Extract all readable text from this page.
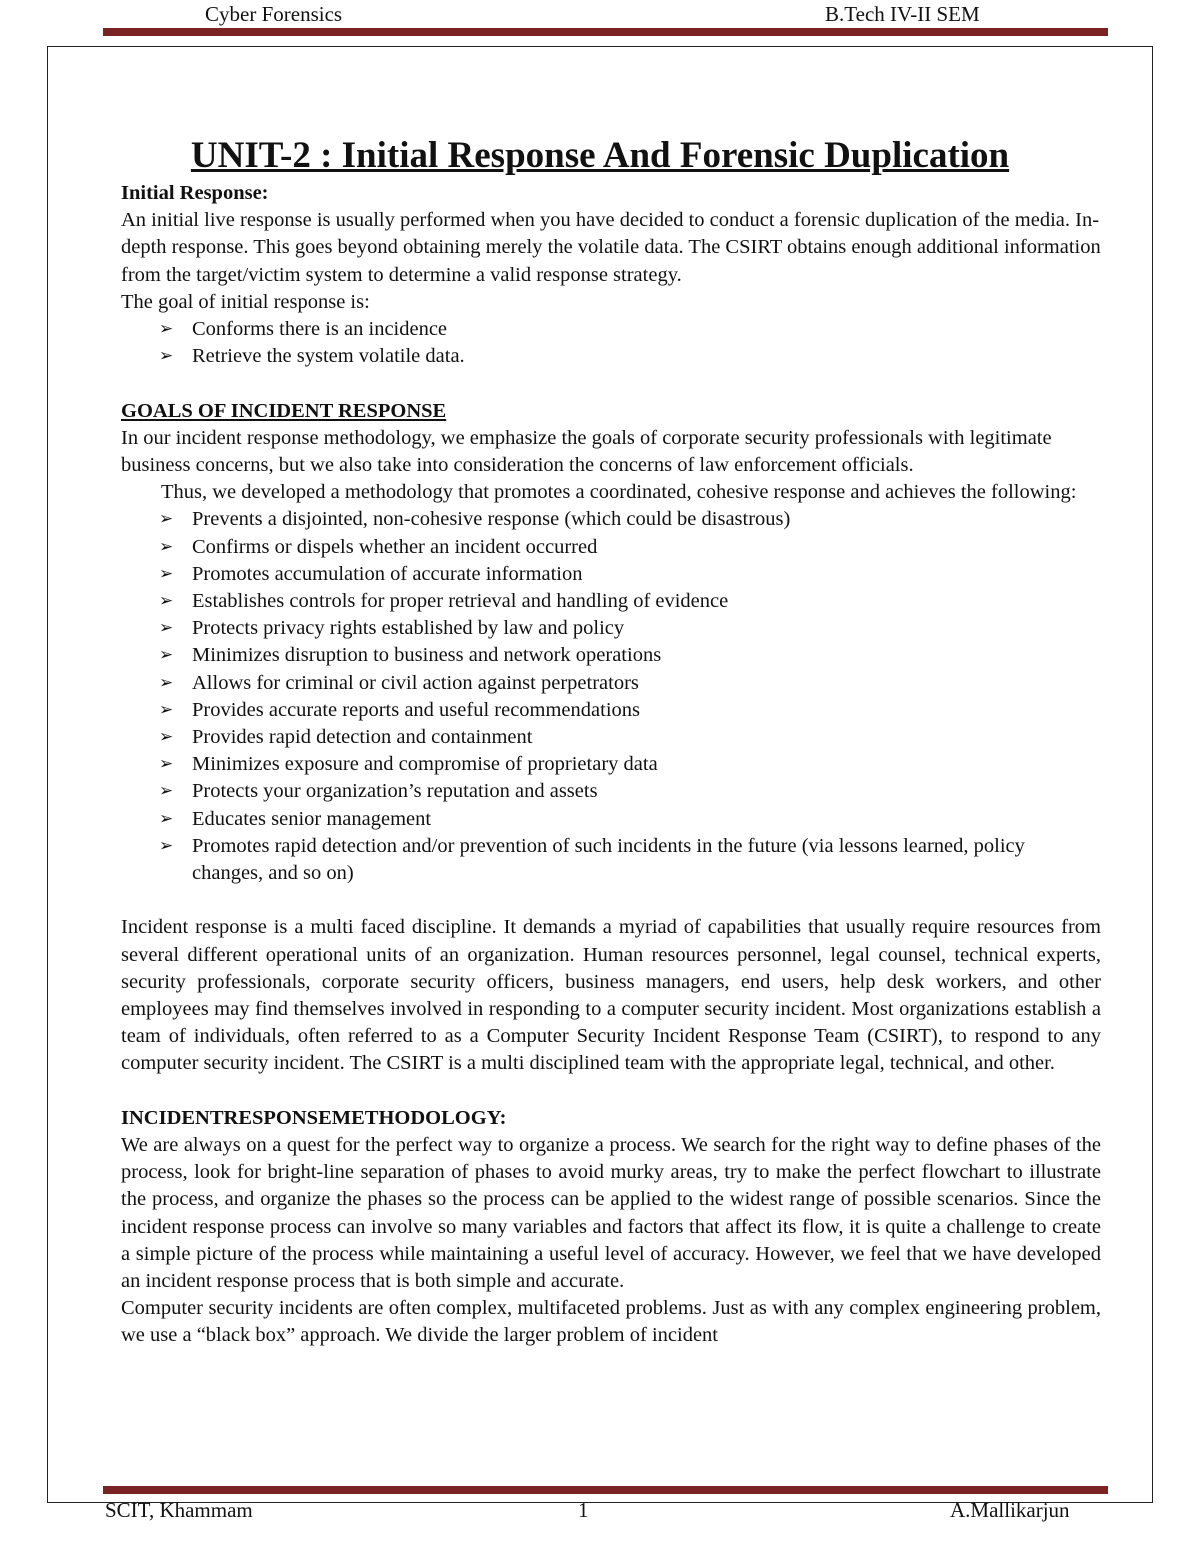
Cyber Forensics	B.Tech IV-II SEM
UNIT-2 : Initial Response And Forensic Duplication

Initial Response:

An initial live response is usually performed when you have decided to conduct a forensic duplication of the media. In-depth response. This goes beyond obtaining merely the volatile data. The CSIRT obtains enough additional information from the target/victim system to determine a valid response strategy.

The goal of initial response is:

➢ Conforms there is an incidence
➢ Retrieve the system volatile data.

GOALS OF INCIDENT RESPONSE

In our incident response methodology, we emphasize the goals of corporate security professionals with legitimate business concerns, but we also take into consideration the concerns of law enforcement officials.

Thus, we developed a methodology that promotes a coordinated, cohesive response and achieves the following:

➢ Prevents a disjointed, non-cohesive response (which could be disastrous)
➢ Confirms or dispels whether an incident occurred
➢ Promotes accumulation of accurate information
➢ Establishes controls for proper retrieval and handling of evidence
➢ Protects privacy rights established by law and policy
➢ Minimizes disruption to business and network operations
➢ Allows for criminal or civil action against perpetrators
➢ Provides accurate reports and useful recommendations
➢ Provides rapid detection and containment
➢ Minimizes exposure and compromise of proprietary data
➢ Protects your organization’s reputation and assets
➢ Educates senior management
➢ Promotes rapid detection and/or prevention of such incidents in the future (via lessons learned, policy changes, and so on)

Incident response is a multi faced discipline. It demands a myriad of capabilities that usually require resources from several different operational units of an organization. Human resources personnel, legal counsel, technical experts, security professionals, corporate security officers, business managers, end users, help desk workers, and other employees may find themselves involved in responding to a computer security incident. Most organizations establish a team of individuals, often referred to as a Computer Security Incident Response Team (CSIRT), to respond to any computer security incident. The CSIRT is a multi disciplined team with the appropriate legal, technical, and other.

INCIDENTRESPONSEMETHODOLOGY:

We are always on a quest for the perfect way to organize a process. We search for the right way to define phases of the process, look for bright-line separation of phases to avoid murky areas, try to make the perfect flowchart to illustrate the process, and organize the phases so the process can be applied to the widest range of possible scenarios. Since the incident response process can involve so many variables and factors that affect its flow, it is quite a challenge to create a simple picture of the process while maintaining a useful level of accuracy. However, we feel that we have developed an incident response process that is both simple and accurate.

Computer security incidents are often complex, multifaceted problems. Just as with any complex engineering problem, we use a “black box” approach. We divide the larger problem of incident

SCIT, Khammam	1	A.Mallikarjun
